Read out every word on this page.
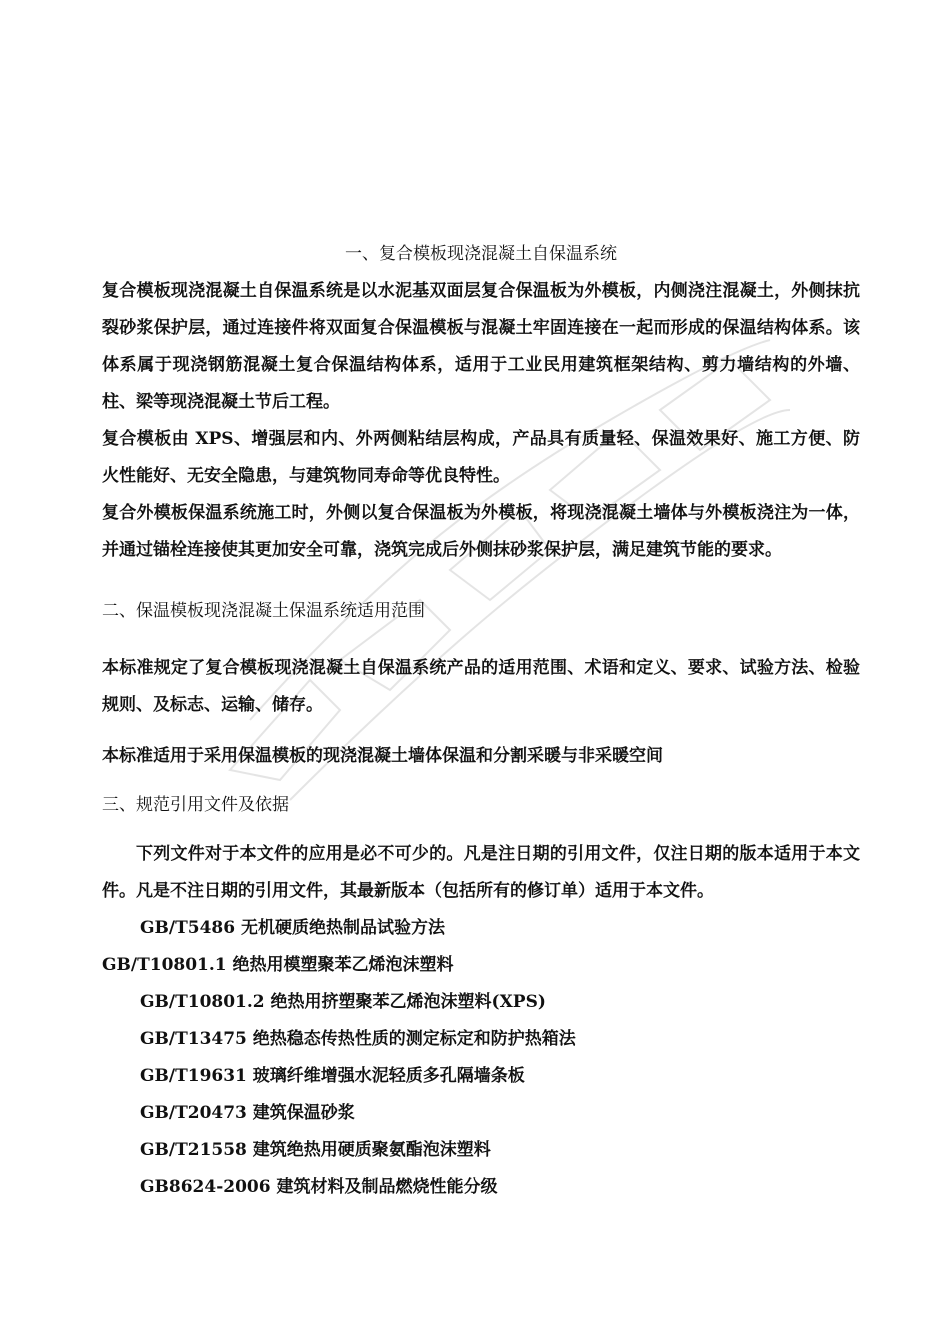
一、复合模板现浇混凝土自保温系统

复合模板现浇混凝土自保温系统是以水泥基双面层复合保温板为外模板，内侧浇注混凝土，外侧抹抗裂砂浆保护层，通过连接件将双面复合保温模板与混凝土牢固连接在一起而形成的保温结构体系。该体系属于现浇钢筋混凝土复合保温结构体系，适用于工业民用建筑框架结构、剪力墙结构的外墙、柱、梁等现浇混凝土节后工程。

复合模板由 XPS、增强层和内、外两侧粘结层构成，产品具有质量轻、保温效果好、施工方便、防火性能好、无安全隐患，与建筑物同寿命等优良特性。

复合外模板保温系统施工时，外侧以复合保温板为外模板，将现浇混凝土墙体与外模板浇注为一体，并通过锚栓连接使其更加安全可靠，浇筑完成后外侧抹砂浆保护层，满足建筑节能的要求。

二、保温模板现浇混凝土保温系统适用范围

本标准规定了复合模板现浇混凝土自保温系统产品的适用范围、术语和定义、要求、试验方法、检验规则、及标志、运输、储存。

本标准适用于采用保温模板的现浇混凝土墙体保温和分割采暖与非采暖空间

三、规范引用文件及依据

下列文件对于本文件的应用是必不可少的。凡是注日期的引用文件，仅注日期的版本适用于本文件。凡是不注日期的引用文件，其最新版本（包括所有的修订单）适用于本文件。

GB/T5486 无机硬质绝热制品试验方法

GB/T10801.1 绝热用模塑聚苯乙烯泡沫塑料

GB/T10801.2 绝热用挤塑聚苯乙烯泡沫塑料(XPS)

GB/T13475 绝热稳态传热性质的测定标定和防护热箱法

GB/T19631 玻璃纤维增强水泥轻质多孔隔墙条板

GB/T20473 建筑保温砂浆

GB/T21558 建筑绝热用硬质聚氨酯泡沫塑料

GB8624-2006 建筑材料及制品燃烧性能分级
